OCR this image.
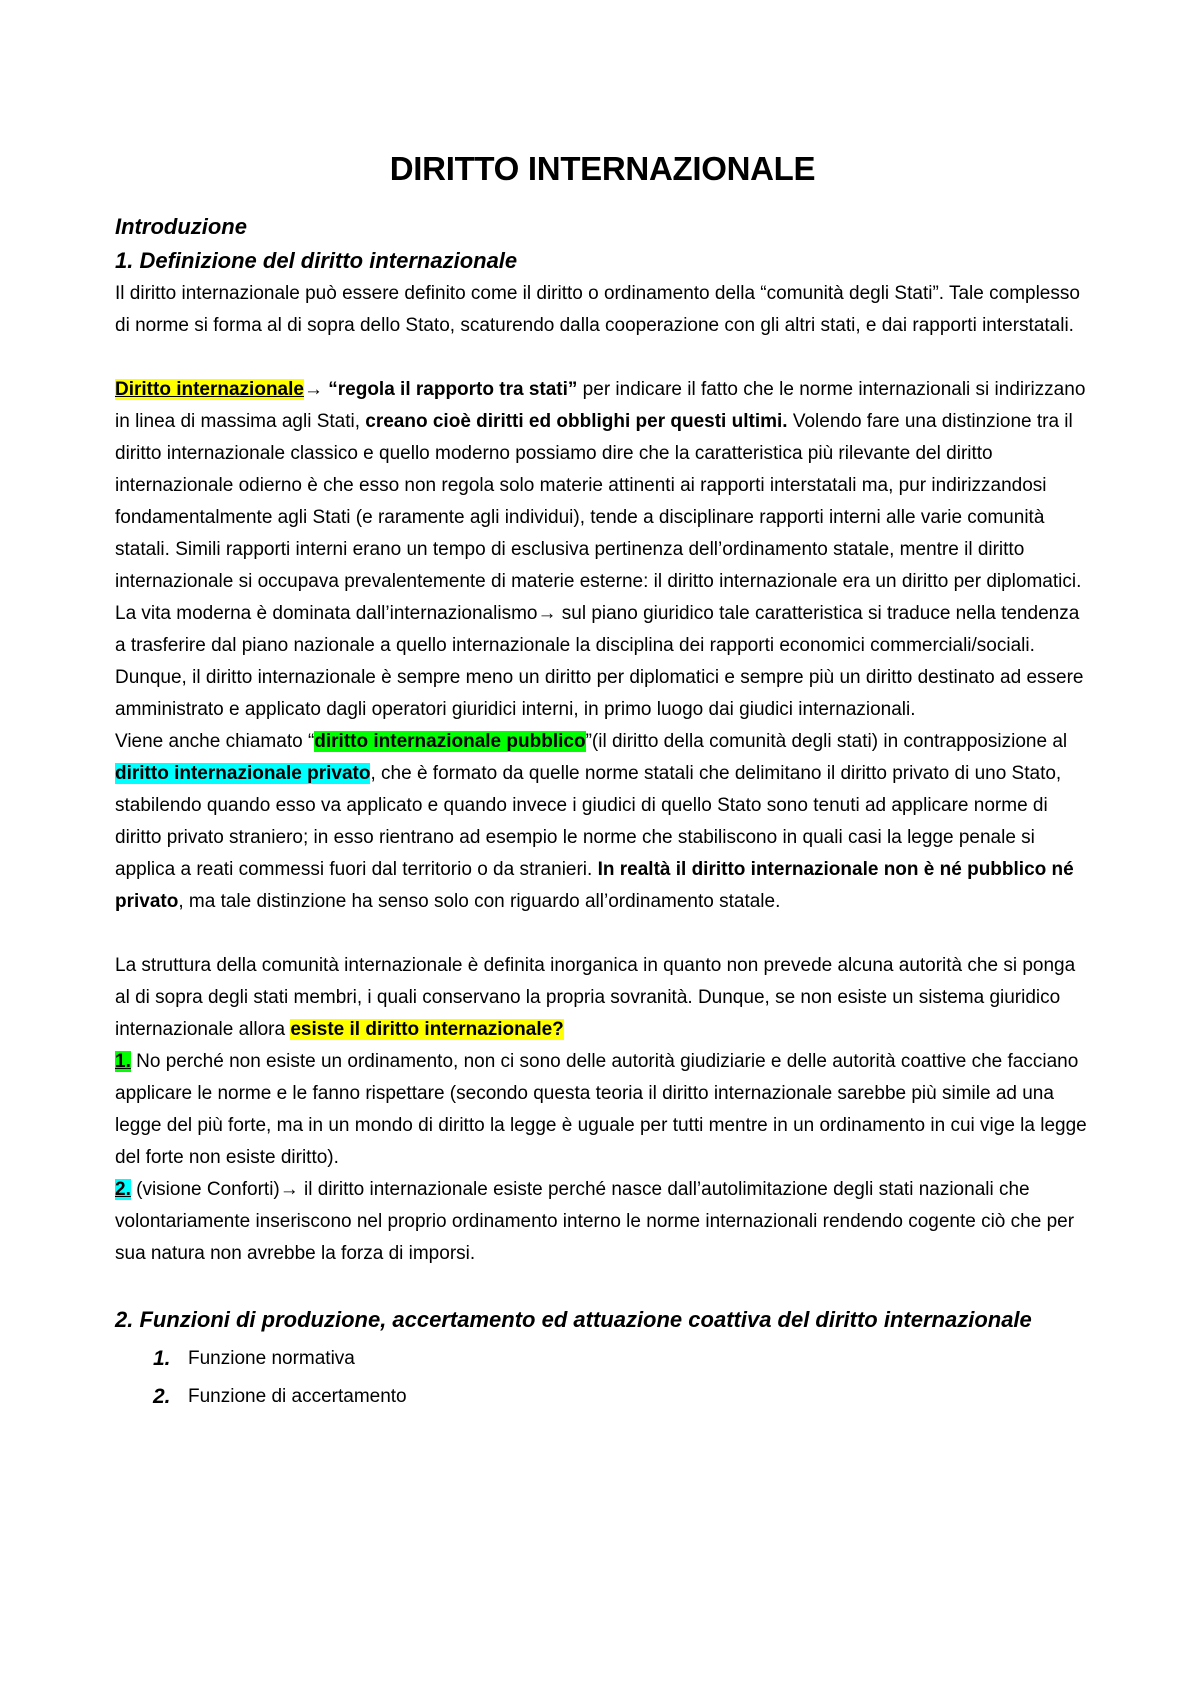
DIRITTO INTERNAZIONALE
Introduzione
1. Definizione del diritto internazionale

Il diritto internazionale può essere definito come il diritto o ordinamento della “comunità degli Stati”. Tale complesso di norme si forma al di sopra dello Stato, scaturendo dalla cooperazione con gli altri stati, e dai rapporti interstatali.

Diritto internazionale→ “regola il rapporto tra stati” per indicare il fatto che le norme internazionali si indirizzano in linea di massima agli Stati, creano cioè diritti ed obblighi per questi ultimi. Volendo fare una distinzione tra il diritto internazionale classico e quello moderno possiamo dire che la caratteristica più rilevante del diritto internazionale odierno è che esso non regola solo materie attinenti ai rapporti interstatali ma, pur indirizzandosi fondamentalmente agli Stati (e raramente agli individui), tende a disciplinare rapporti interni alle varie comunità statali. Simili rapporti interni erano un tempo di esclusiva pertinenza dell’ordinamento statale, mentre il diritto internazionale si occupava prevalentemente di materie esterne: il diritto internazionale era un diritto per diplomatici. La vita moderna è dominata dall’internazionalismo→ sul piano giuridico tale caratteristica si traduce nella tendenza a trasferire dal piano nazionale a quello internazionale la disciplina dei rapporti economici commerciali/sociali. Dunque, il diritto internazionale è sempre meno un diritto per diplomatici e sempre più un diritto destinato ad essere amministrato e applicato dagli operatori giuridici interni, in primo luogo dai giudici internazionali.

Viene anche chiamato “diritto internazionale pubblico”(il diritto della comunità degli stati) in contrapposizione al diritto internazionale privato, che è formato da quelle norme statali che delimitano il diritto privato di uno Stato, stabilendo quando esso va applicato e quando invece i giudici di quello Stato sono tenuti ad applicare norme di diritto privato straniero; in esso rientrano ad esempio le norme che stabiliscono in quali casi la legge penale si applica a reati commessi fuori dal territorio o da stranieri. In realtà il diritto internazionale non è né pubblico né privato, ma tale distinzione ha senso solo con riguardo all’ordinamento statale.

La struttura della comunità internazionale è definita inorganica in quanto non prevede alcuna autorità che si ponga al di sopra degli stati membri, i quali conservano la propria sovranità. Dunque, se non esiste un sistema giuridico internazionale allora esiste il diritto internazionale?

1. No perché non esiste un ordinamento, non ci sono delle autorità giudiziarie e delle autorità coattive che facciano applicare le norme e le fanno rispettare (secondo questa teoria il diritto internazionale sarebbe più simile ad una legge del più forte, ma in un mondo di diritto la legge è uguale per tutti mentre in un ordinamento in cui vige la legge del forte non esiste diritto).

2. (visione Conforti)→ il diritto internazionale esiste perché nasce dall’autolimitazione degli stati nazionali che volontariamente inseriscono nel proprio ordinamento interno le norme internazionali rendendo cogente ciò che per sua natura non avrebbe la forza di imporsi.

2. Funzioni di produzione, accertamento ed attuazione coattiva del diritto internazionale
1. Funzione normativa
2. Funzione di accertamento
